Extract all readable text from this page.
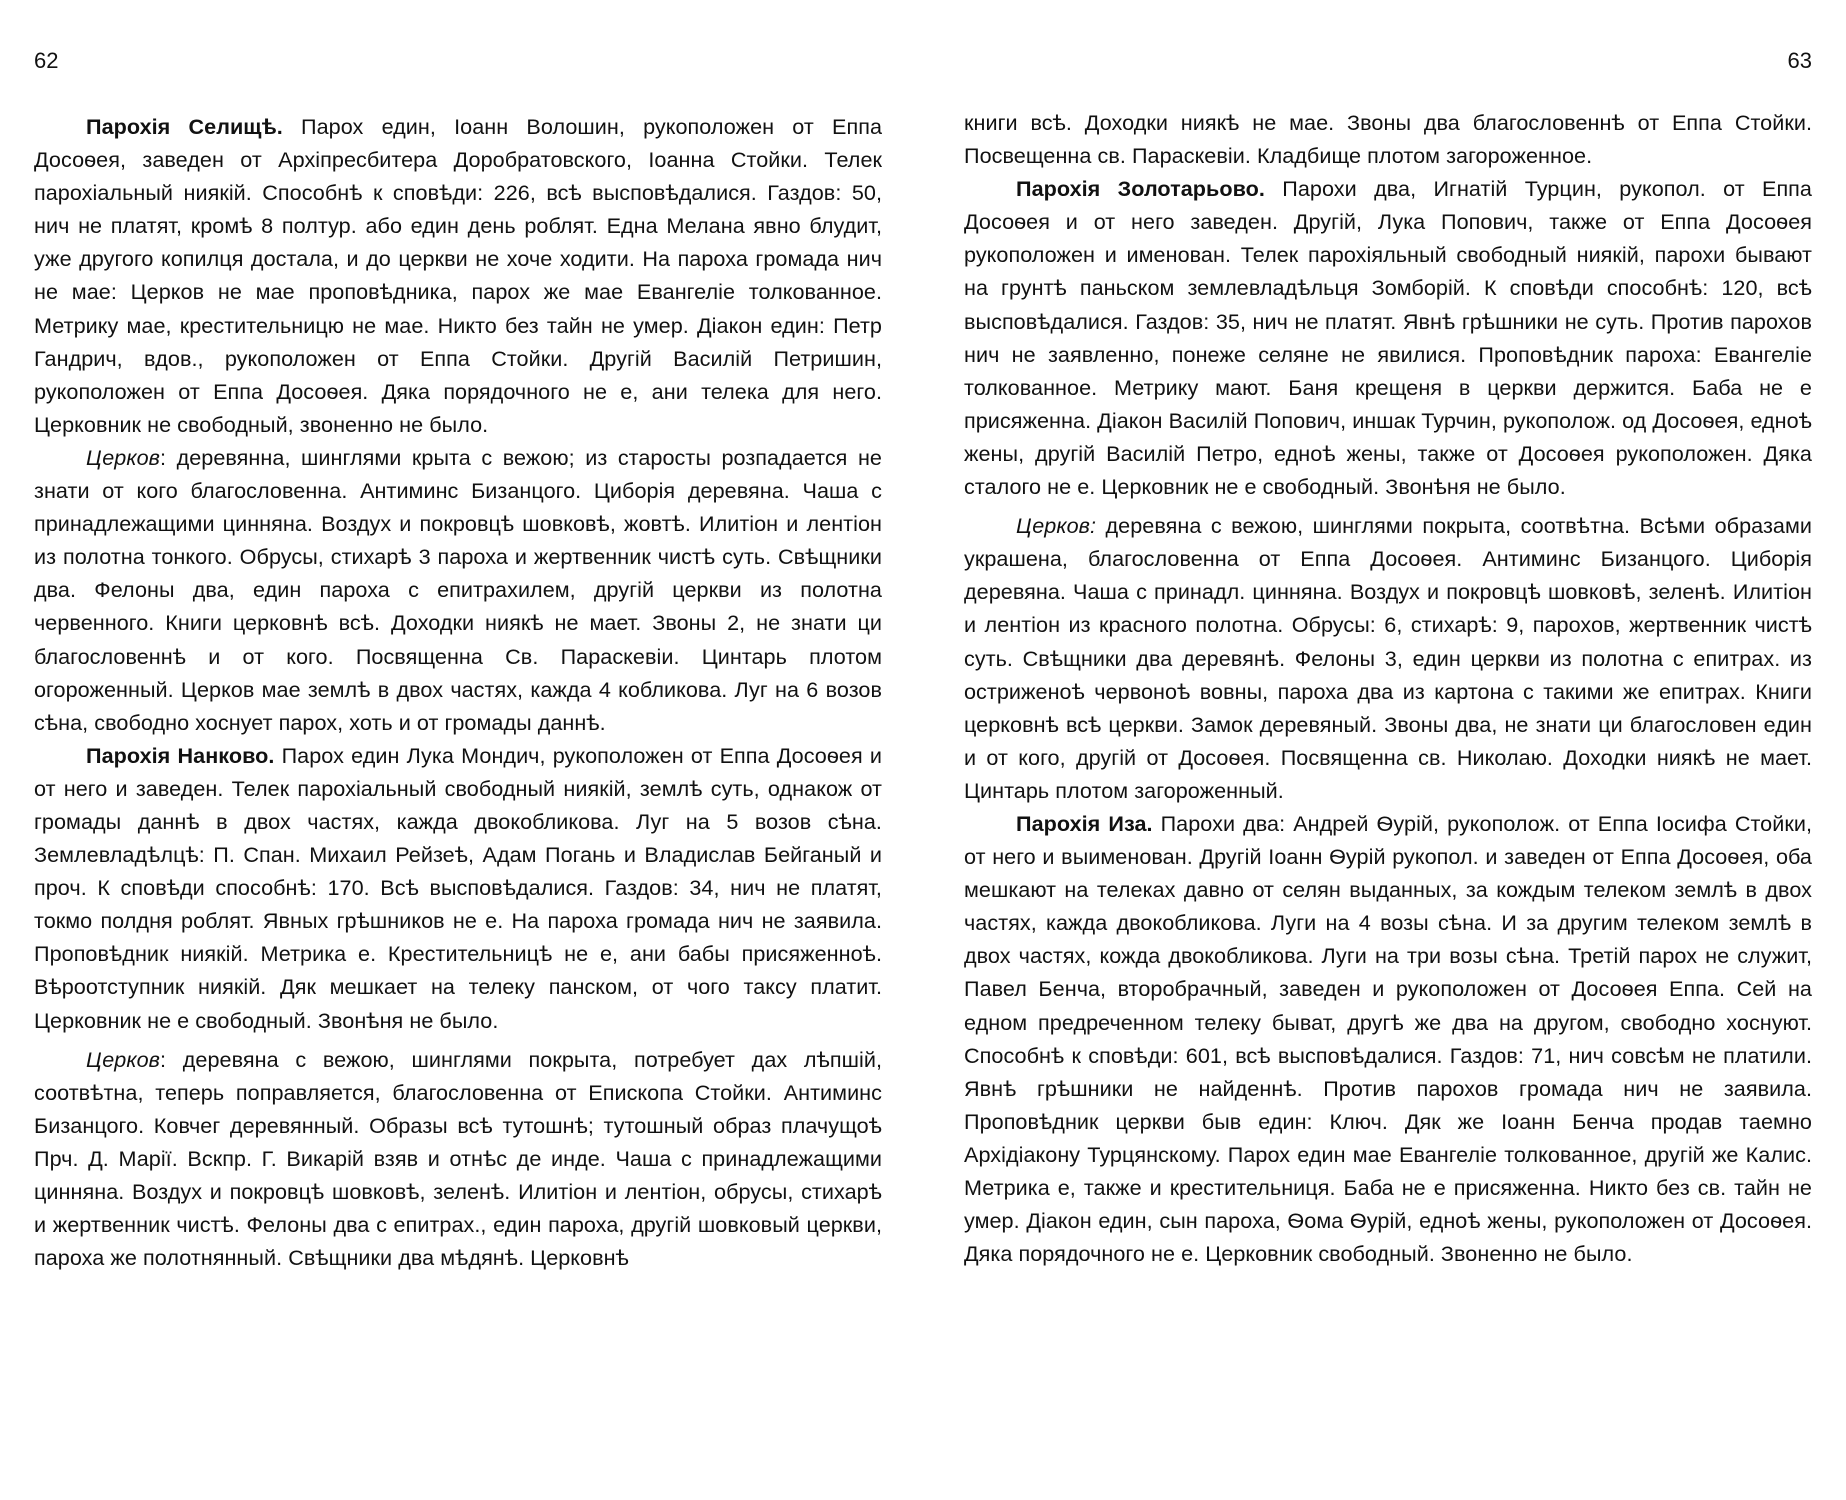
62

Парохія Селищѣ. Парох един, Іоанн Волошин, рукоположен от Еппа Досоѳея, заведен от Архіпресбитера Доробратовского, Іоанна Стойки. Телек парохіальный ниякій. Способнѣ к сповѣди: 226, всѣ высповѣдалися. Газдов: 50, нич не платят, кромѣ 8 полтур. або един день роблят. Една Мелана явно блудит, уже другого копилця достала, и до церкви не хоче ходити. На пароха громада нич не мае: Церков не мае проповѣдника, парох же мае Евангеліе толкованное. Метрику мае, крестительницю не мае. Никто без тайн не умер. Діакон един: Петр Гандрич, вдов., рукоположен от Еппа Стойки. Другій Василій Петришин, рукоположен от Еппа Досоѳея. Дяка порядочного не е, ани телека для него. Церковник не свободный, звоненно не было.

Церков: деревянна, шинглями крыта с вежою; из старосты розпадается не знати от кого благословенна. Антиминс Бизанцого. Циборія деревяна. Чаша с принадлежащими цинняна. Воздух и покровцѣ шовковѣ, жовтѣ. Илитіон и лентіон из полотна тонкого. Обрусы, стихарѣ 3 пароха и жертвенник чистѣ суть. Свѣщники два. Фелоны два, един пароха с епитрахилем, другій церкви из полотна червенного. Книги церковнѣ всѣ. Доходки ниякѣ не мает. Звоны 2, не знати ци благословеннѣ и от кого. Посвященна Св. Параскевіи. Цинтарь плотом огороженный. Церков мае землѣ в двох частях, кажда 4 кобликова. Луг на 6 возов сѣна, свободно хоснует парох, хоть и от громады даннѣ.

Парохія Нанково. Парох един Лука Мондич, рукоположен от Еппа Досоѳея и от него и заведен. Телек парохіальный свободный ниякій, землѣ суть, однакож от громады даннѣ в двох частях, кажда двокобликова. Луг на 5 возов сѣна. Землевладѣлцѣ: П. Спан. Михаил Рейзеѣ, Адам Погань и Владислав Бейганый и проч. К сповѣди способнѣ: 170. Всѣ высповѣдалися. Газдов: 34, нич не платят, токмо полдня роблят. Явных грѣшников не е. На пароха громада нич не заявила. Проповѣдник ниякій. Метрика е. Крестительницѣ не е, ани бабы присяженноѣ. Вѣроотступник ниякій. Дяк мешкает на телеку панском, от чого таксу платит. Церковник не е свободный. Звонѣня не было.

Церков: деревяна с вежою, шинглями покрыта, потребует дах лѣпшій, соотвѣтна, теперь поправляется, благословенна от Епископа Стойки. Антиминс Бизанцого. Ковчег деревянный. Образы всѣ тутошнѣ; тутошный образ плачущоѣ Прч. Д. Марії. Вскпр. Г. Викарій взяв и отнѣс де инде. Чаша с принадлежащими цинняна. Воздух и покровцѣ шовковѣ, зеленѣ. Илитіон и лентіон, обрусы, стихарѣ и жертвенник чистѣ. Фелоны два с епитрах., един пароха, другій шовковый церкви, пароха же полотнянный. Свѣщники два мѣдянѣ. Церковнѣ

63

книги всѣ. Доходки ниякѣ не мае. Звоны два благословеннѣ от Еппа Стойки. Посвещенна св. Параскевіи. Кладбище плотом загороженное.

Парохія Золотарьово. Парохи два, Игнатій Турцин, рукопол. от Еппа Досоѳея и от него заведен. Другій, Лука Попович, также от Еппа Досоѳея рукоположен и именован. Телек парохіяльный свободный ниякій, парохи бывают на грунтѣ паньском землевладѣльця Зомборій. К сповѣди способнѣ: 120, всѣ высповѣдалися. Газдов: 35, нич не платят. Явнѣ грѣшники не суть. Против парохов нич не заявленно, понеже селяне не явилися. Проповѣдник пароха: Евангеліе толкованное. Метрику мают. Баня крещеня в церкви держится. Баба не е присяженна. Діакон Василій Попович, иншак Турчин, рукополож. од Досоѳея, едноѣ жены, другій Василій Петро, едноѣ жены, также от Досоѳея рукоположен. Дяка сталого не е. Церковник не е свободный. Звонѣня не было.

Церков: деревяна с вежою, шинглями покрыта, соотвѣтна. Всѣми образами украшена, благословенна от Еппа Досоѳея. Антиминс Бизанцого. Циборія деревяна. Чаша с принадл. цинняна. Воздух и покровцѣ шовковѣ, зеленѣ. Илитіон и лентіон из красного полотна. Обрусы: 6, стихарѣ: 9, парохов, жертвенник чистѣ суть. Свѣщники два деревянѣ. Фелоны 3, един церкви из полотна с епитрах. из остриженоѣ червоноѣ вовны, пароха два из картона с такими же епитрах. Книги церковнѣ всѣ церкви. Замок деревяный. Звоны два, не знати ци благословен един и от кого, другій от Досоѳея. Посвященна св. Николаю. Доходки ниякѣ не мает. Цинтарь плотом загороженный.

Парохія Иза. Парохи два: Андрей Ѳурій, рукополож. от Еппа Іосифа Стойки, от него и выименован. Другій Іоанн Ѳурій рукопол. и заведен от Еппа Досоѳея, оба мешкают на телеках давно от селян выданных, за кождым телеком землѣ в двох частях, кажда двокобликова. Луги на 4 возы сѣна. И за другим телеком землѣ в двох частях, кожда двокобликова. Луги на три возы сѣна. Третій парох не служит, Павел Бенча, второбрачный, заведен и рукоположен от Досоѳея Еппа. Сей на едном предреченном телеку быват, другѣ же два на другом, свободно хоснуют. Способнѣ к сповѣди: 601, всѣ высповѣдалися. Газдов: 71, нич совсѣм не платили. Явнѣ грѣшники не найденнѣ. Против парохов громада нич не заявила. Проповѣдник церкви быв един: Ключ. Дяк же Іоанн Бенча продав таемно Архідіакону Турцянскому. Парох един мае Евангеліе толкованное, другій же Калис. Метрика е, также и крестительниця. Баба не е присяженна. Никто без св. тайн не умер. Діакон един, сын пароха, Ѳома Ѳурій, едноѣ жены, рукоположен от Досоѳея. Дяка порядочного не е. Церковник свободный. Звоненно не было.
